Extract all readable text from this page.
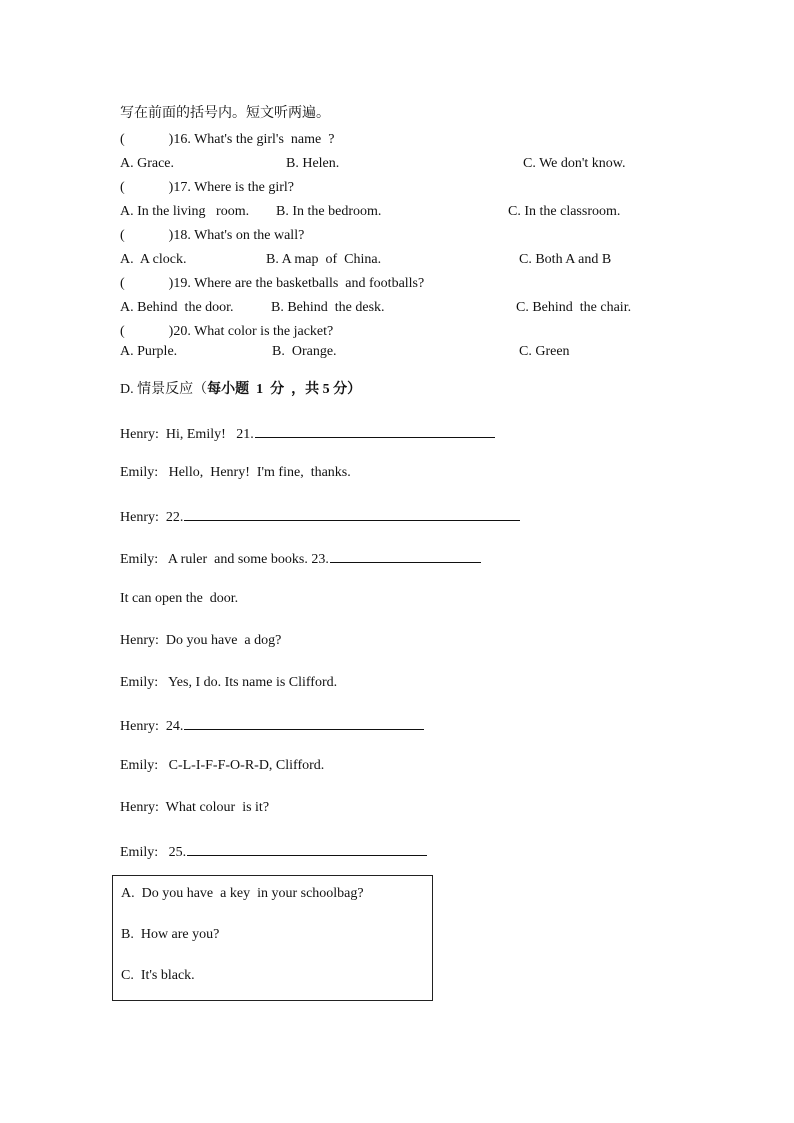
写在前面的括号内。短文听两遍。
(	)16. What's the girl's  name  ?
A. Grace.	B. Helen.	C. We don't know.
(	)17. Where is the girl?
A. In the living   room. B. In the bedroom.	C. In the classroom.
(	)18. What's on the wall?
A.  A clock.	B. A map  of  China.	C. Both A and B
(	)19. Where are the basketballs  and footballs?
A. Behind  the door.	B. Behind  the desk.	C. Behind  the chair.
(	)20. What color is the jacket?
A. Purple.	B.  Orange.	C. Green
D. 情景反应（每小题  1  分  ，共 5 分）
Henry:  Hi, Emily!   21.
Emily:   Hello,  Henry!  I'm fine,  thanks.
Henry:  22.
Emily:   A ruler  and some books. 23.
It can open the  door.
Henry:  Do you have  a dog?
Emily:   Yes, I do. Its name is Clifford.
Henry:  24.
Emily:   C-L-I-F-F-O-R-D, Clifford.
Henry:  What colour  is it?
Emily:   25.
A.  Do you have  a key  in your schoolbag?
B.  How are you?
C.  It's black.
